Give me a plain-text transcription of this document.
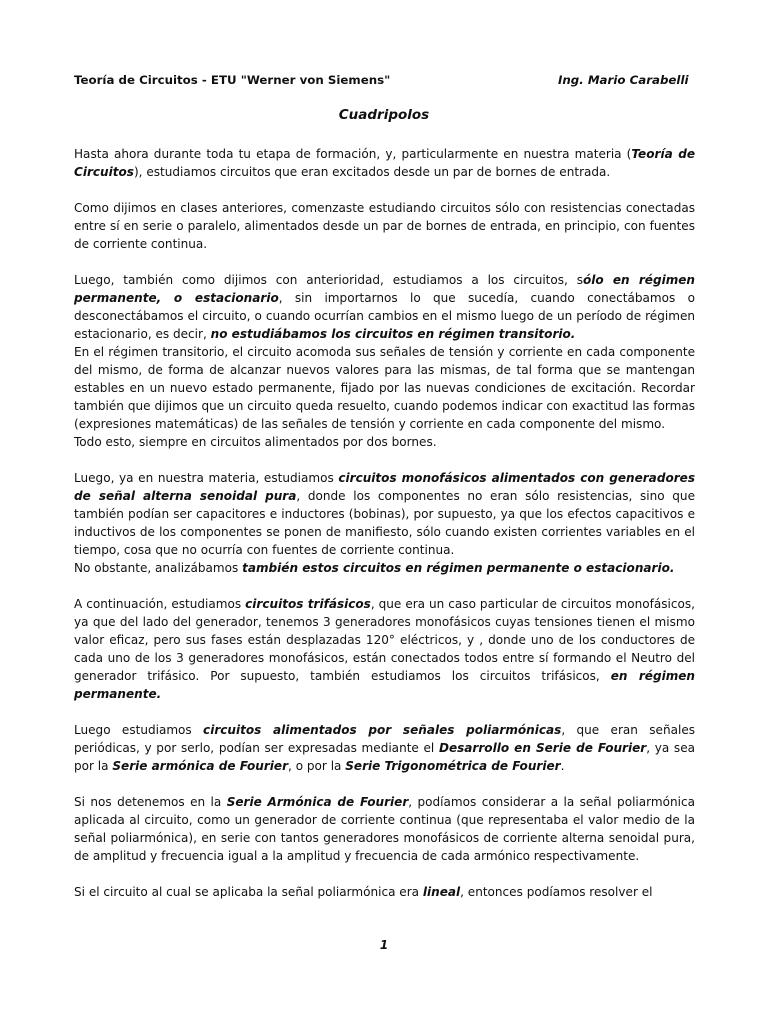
Teoría de Circuitos - ETU "Werner von Siemens"	Ing. Mario Carabelli
Cuadripolos

Hasta ahora durante toda tu etapa de formación, y, particularmente en nuestra materia (Teoría de Circuitos), estudiamos circuitos que eran excitados desde un par de bornes de entrada.

Como dijimos en clases anteriores, comenzaste estudiando circuitos sólo con resistencias conectadas entre sí en serie o paralelo, alimentados desde un par de bornes de entrada, en principio, con fuentes de corriente continua.

Luego, también como dijimos con anterioridad, estudiamos a los circuitos, sólo en régimen permanente, o estacionario, sin importarnos lo que sucedía, cuando conectábamos o desconectábamos el circuito, o cuando ocurrían cambios en el mismo luego de un período de régimen estacionario, es decir, no estudiábamos los circuitos en régimen transitorio.

En el régimen transitorio, el circuito acomoda sus señales de tensión y corriente en cada componente del mismo, de forma de alcanzar nuevos valores para las mismas, de tal forma que se mantengan estables en un nuevo estado permanente, fijado por las nuevas condiciones de excitación. Recordar también que dijimos que un circuito queda resuelto, cuando podemos indicar con exactitud las formas (expresiones matemáticas) de las señales de tensión y corriente en cada componente del mismo.

Todo esto, siempre en circuitos alimentados por dos bornes.

Luego, ya en nuestra materia, estudiamos circuitos monofásicos alimentados con generadores de señal alterna senoidal pura, donde los componentes no eran sólo resistencias, sino que también podían ser capacitores e inductores (bobinas), por supuesto, ya que los efectos capacitivos e inductivos de los componentes se ponen de manifiesto, sólo cuando existen corrientes variables en el tiempo, cosa que no ocurría con fuentes de corriente continua.

No obstante, analizábamos también estos circuitos en régimen permanente o estacionario.

A continuación, estudiamos circuitos trifásicos, que era un caso particular de circuitos monofásicos, ya que del lado del generador, tenemos 3 generadores monofásicos cuyas tensiones tienen el mismo valor eficaz, pero sus fases están desplazadas 120° eléctricos, y , donde uno de los conductores de cada uno de los 3 generadores monofásicos, están conectados todos entre sí formando el Neutro del generador trifásico. Por supuesto, también estudiamos los circuitos trifásicos, en régimen permanente.

Luego estudiamos circuitos alimentados por señales poliarmónicas, que eran señales periódicas, y por serlo, podían ser expresadas mediante el Desarrollo en Serie de Fourier, ya sea por la Serie armónica de Fourier, o por la Serie Trigonométrica de Fourier.

Si nos detenemos en la Serie Armónica de Fourier, podíamos considerar a la señal poliarmónica aplicada al circuito, como un generador de corriente continua (que representaba el valor medio de la señal poliarmónica), en serie con tantos generadores monofásicos de corriente alterna senoidal pura, de amplitud y frecuencia igual a la amplitud y frecuencia de cada armónico respectivamente.

Si el circuito al cual se aplicaba la señal poliarmónica era lineal, entonces podíamos resolver el

1
